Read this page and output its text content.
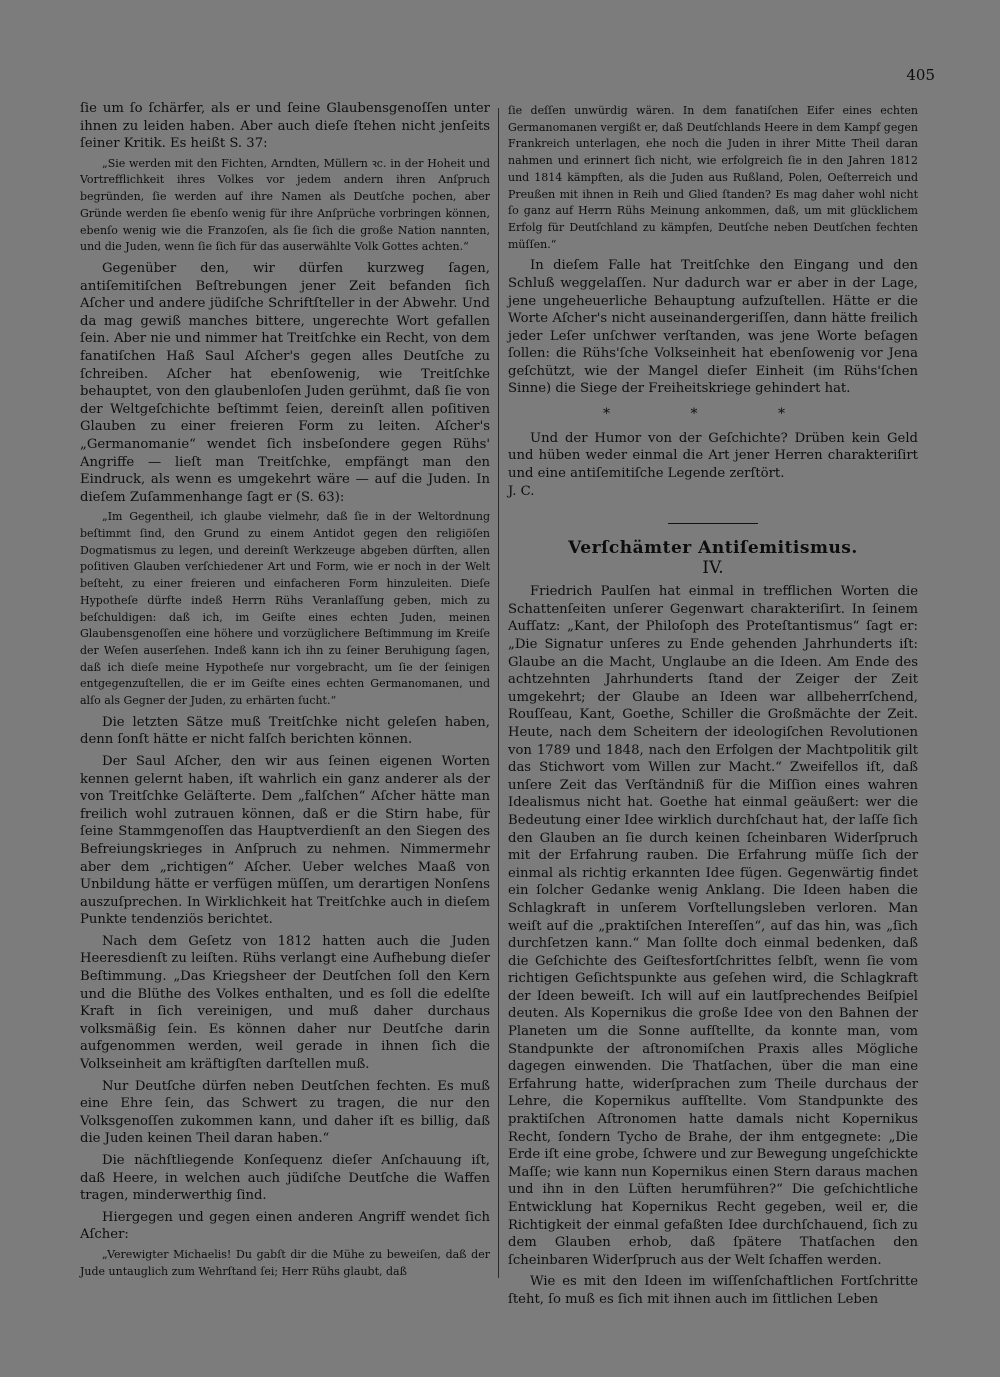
405

ſie um ſo ſchärfer, als er und ſeine Glaubensgenoſſen unter ihnen zu leiden haben. Aber auch dieſe ſtehen nicht jenſeits ſeiner Kritik. Es heißt S. 37:

„Sie werden mit den Fichten, Arndten, Müllern ꝛc. in der Hoheit und Vortrefflichkeit ihres Volkes vor jedem andern ihren Anſpruch begründen, ſie werden auf ihre Namen als Deutſche pochen, aber Gründe werden ſie ebenſo wenig für ihre Anſprüche vorbringen können, ebenſo wenig wie die Franzoſen, als ſie ſich die große Nation nannten, und die Juden, wenn ſie ſich für das auserwählte Volk Gottes achten.“

Gegenüber den, wir dürfen kurzweg ſagen, antiſemitiſchen Beſtrebungen jener Zeit befanden ſich Aſcher und andere jüdiſche Schriftſteller in der Abwehr. Und da mag gewiß manches bittere, ungerechte Wort gefallen ſein. Aber nie und nimmer hat Treitſchke ein Recht, von dem fanatiſchen Haß Saul Aſcher's gegen alles Deutſche zu ſchreiben. Aſcher hat ebenſowenig, wie Treitſchke behauptet, von den glaubenloſen Juden gerühmt, daß ſie von der Weltgeſchichte beſtimmt ſeien, dereinſt allen poſitiven Glauben zu einer freieren Form zu leiten. Aſcher's „Germanomanie“ wendet ſich insbeſondere gegen Rühs' Angriffe — lieſt man Treitſchke, empfängt man den Eindruck, als wenn es umgekehrt wäre — auf die Juden. In dieſem Zuſammenhange ſagt er (S. 63):

„Im Gegentheil, ich glaube vielmehr, daß ſie in der Weltordnung beſtimmt ſind, den Grund zu einem Antidot gegen den religiöſen Dogmatismus zu legen, und dereinſt Werkzeuge abgeben dürften, allen poſitiven Glauben verſchiedener Art und Form, wie er noch in der Welt beſteht, zu einer freieren und einfacheren Form hinzuleiten. Dieſe Hypotheſe dürfte indeß Herrn Rühs Veranlaſſung geben, mich zu beſchuldigen: daß ich, im Geiſte eines echten Juden, meinen Glaubensgenoſſen eine höhere und vorzüglichere Beſtimmung im Kreiſe der Weſen auserſehen. Indeß kann ich ihn zu ſeiner Beruhigung ſagen, daß ich dieſe meine Hypotheſe nur vorgebracht, um ſie der ſeinigen entgegenzuſtellen, die er im Geiſte eines echten Germanomanen, und alſo als Gegner der Juden, zu erhärten ſucht.“

Die letzten Sätze muß Treitſchke nicht geleſen haben, denn ſonſt hätte er nicht falſch berichten können.

Der Saul Aſcher, den wir aus ſeinen eigenen Worten kennen gelernt haben, iſt wahrlich ein ganz anderer als der von Treitſchke Geläſterte. Dem „falſchen“ Aſcher hätte man freilich wohl zutrauen können, daß er die Stirn habe, für ſeine Stammgenoſſen das Hauptverdienſt an den Siegen des Befreiungskrieges in Anſpruch zu nehmen. Nimmermehr aber dem „richtigen“ Aſcher. Ueber welches Maaß von Unbildung hätte er verfügen müſſen, um derartigen Nonſens auszuſprechen. In Wirklichkeit hat Treitſchke auch in dieſem Punkte tendenziös berichtet.

Nach dem Geſetz von 1812 hatten auch die Juden Heeresdienſt zu leiſten. Rühs verlangt eine Aufhebung dieſer Beſtimmung. „Das Kriegsheer der Deutſchen ſoll den Kern und die Blüthe des Volkes enthalten, und es ſoll die edelſte Kraft in ſich vereinigen, und muß daher durchaus volksmäßig ſein. Es können daher nur Deutſche darin aufgenommen werden, weil gerade in ihnen ſich die Volkseinheit am kräftigſten darſtellen muß.

Nur Deutſche dürfen neben Deutſchen fechten. Es muß eine Ehre ſein, das Schwert zu tragen, die nur den Volksgenoſſen zukommen kann, und daher iſt es billig, daß die Juden keinen Theil daran haben.“

Die nächſtliegende Konſequenz dieſer Anſchauung iſt, daß Heere, in welchen auch jüdiſche Deutſche die Waffen tragen, minderwerthig ſind.

Hiergegen und gegen einen anderen Angriff wendet ſich Aſcher:

„Verewigter Michaelis! Du gabſt dir die Mühe zu beweiſen, daß der Jude untauglich zum Wehrſtand ſei; Herr Rühs glaubt, daß

ſie deſſen unwürdig wären. In dem fanatiſchen Eifer eines echten Germanomanen vergißt er, daß Deutſchlands Heere in dem Kampf gegen Frankreich unterlagen, ehe noch die Juden in ihrer Mitte Theil daran nahmen und erinnert ſich nicht, wie erfolgreich ſie in den Jahren 1812 und 1814 kämpften, als die Juden aus Rußland, Polen, Oeſterreich und Preußen mit ihnen in Reih und Glied ſtanden? Es mag daher wohl nicht ſo ganz auf Herrn Rühs Meinung ankommen, daß, um mit glücklichem Erfolg für Deutſchland zu kämpfen, Deutſche neben Deutſchen fechten müſſen.“

In dieſem Falle hat Treitſchke den Eingang und den Schluß weggelaſſen. Nur dadurch war er aber in der Lage, jene ungeheuerliche Behauptung aufzuſtellen. Hätte er die Worte Aſcher's nicht auseinandergeriſſen, dann hätte freilich jeder Leſer unſchwer verſtanden, was jene Worte beſagen ſollen: die Rühs'ſche Volkseinheit hat ebenſowenig vor Jena geſchützt, wie der Mangel dieſer Einheit (im Rühs'ſchen Sinne) die Siege der Freiheitskriege gehindert hat.

* * *

Und der Humor von der Geſchichte? Drüben kein Geld und hüben weder einmal die Art jener Herren charakteriſirt und eine antiſemitiſche Legende zerſtört.

J. C.

Verſchämter Antiſemitismus.
IV.

Friedrich Paulſen hat einmal in trefflichen Worten die Schattenſeiten unſerer Gegenwart charakteriſirt. In ſeinem Aufſatz: „Kant, der Philoſoph des Proteſtantismus“ ſagt er: „Die Signatur unſeres zu Ende gehenden Jahrhunderts iſt: Glaube an die Macht, Unglaube an die Ideen. Am Ende des achtzehnten Jahrhunderts ſtand der Zeiger der Zeit umgekehrt; der Glaube an Ideen war allbeherrſchend, Rouſſeau, Kant, Goethe, Schiller die Großmächte der Zeit. Heute, nach dem Scheitern der ideologiſchen Revolutionen von 1789 und 1848, nach den Erfolgen der Machtpolitik gilt das Stichwort vom Willen zur Macht.“ Zweifellos iſt, daß unſere Zeit das Verſtändniß für die Miſſion eines wahren Idealismus nicht hat. Goethe hat einmal geäußert: wer die Bedeutung einer Idee wirklich durchſchaut hat, der laſſe ſich den Glauben an ſie durch keinen ſcheinbaren Widerſpruch mit der Erfahrung rauben. Die Erfahrung müſſe ſich der einmal als richtig erkannten Idee fügen. Gegenwärtig findet ein ſolcher Gedanke wenig Anklang. Die Ideen haben die Schlagkraft in unſerem Vorſtellungsleben verloren. Man weiſt auf die „praktiſchen Intereſſen“, auf das hin, was „ſich durchſetzen kann.“ Man ſollte doch einmal bedenken, daß die Geſchichte des Geiſtesfortſchrittes ſelbſt, wenn ſie vom richtigen Geſichtspunkte aus geſehen wird, die Schlagkraft der Ideen beweiſt. Ich will auf ein lautſprechendes Beiſpiel deuten. Als Kopernikus die große Idee von den Bahnen der Planeten um die Sonne aufſtellte, da konnte man, vom Standpunkte der aſtronomiſchen Praxis alles Mögliche dagegen einwenden. Die Thatſachen, über die man eine Erfahrung hatte, widerſprachen zum Theile durchaus der Lehre, die Kopernikus aufſtellte. Vom Standpunkte des praktiſchen Aſtronomen hatte damals nicht Kopernikus Recht, ſondern Tycho de Brahe, der ihm entgegnete: „Die Erde iſt eine grobe, ſchwere und zur Bewegung ungeſchickte Maſſe; wie kann nun Kopernikus einen Stern daraus machen und ihn in den Lüften herumführen?“ Die geſchichtliche Entwicklung hat Kopernikus Recht gegeben, weil er, die Richtigkeit der einmal gefaßten Idee durchſchauend, ſich zu dem Glauben erhob, daß ſpätere Thatſachen den ſcheinbaren Widerſpruch aus der Welt ſchaffen werden.

Wie es mit den Ideen im wiſſenſchaftlichen Fortſchritte ſteht, ſo muß es ſich mit ihnen auch im ſittlichen Leben
